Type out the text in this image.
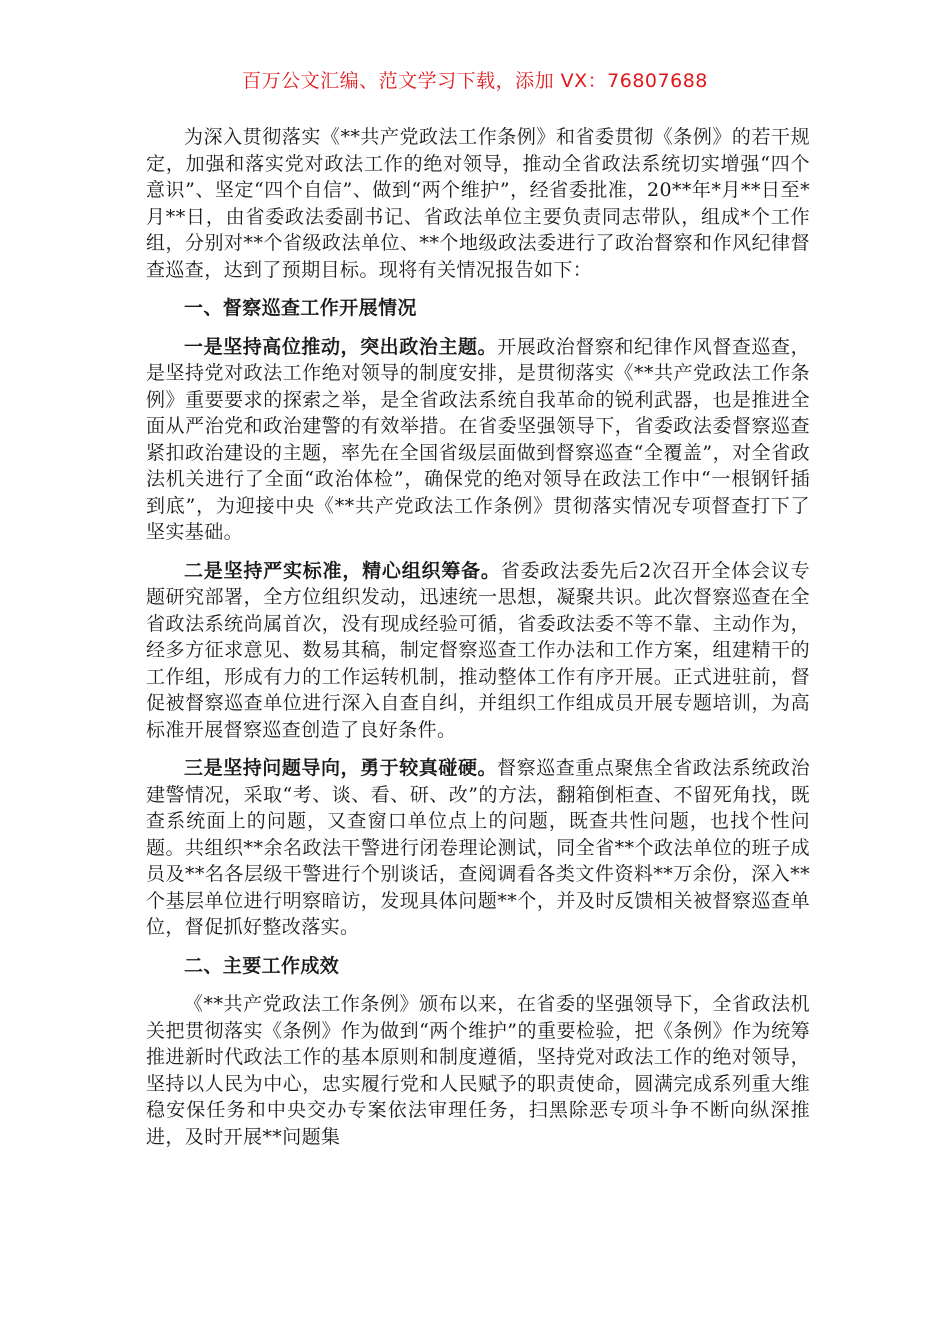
百万公文汇编、范文学习下载，添加 VX：76807688

为深入贯彻落实《**共产党政法工作条例》和省委贯彻《条例》的若干规定，加强和落实党对政法工作的绝对领导，推动全省政法系统切实增强“四个意识”、坚定“四个自信”、做到“两个维护”，经省委批准，20**年*月**日至*月**日，由省委政法委副书记、省政法单位主要负责同志带队，组成*个工作组，分别对**个省级政法单位、**个地级政法委进行了政治督察和作风纪律督查巡查，达到了预期目标。现将有关情况报告如下：

一、督察巡查工作开展情况

一是坚持高位推动，突出政治主题。开展政治督察和纪律作风督查巡查，是坚持党对政法工作绝对领导的制度安排，是贯彻落实《**共产党政法工作条例》重要要求的探索之举，是全省政法系统自我革命的锐利武器，也是推进全面从严治党和政治建警的有效举措。在省委坚强领导下，省委政法委督察巡查紧扣政治建设的主题，率先在全国省级层面做到督察巡查“全覆盖”，对全省政法机关进行了全面“政治体检”，确保党的绝对领导在政法工作中“一根钢钎插到底”，为迎接中央《**共产党政法工作条例》贯彻落实情况专项督查打下了坚实基础。

二是坚持严实标准，精心组织筹备。省委政法委先后2次召开全体会议专题研究部署，全方位组织发动，迅速统一思想，凝聚共识。此次督察巡查在全省政法系统尚属首次，没有现成经验可循，省委政法委不等不靠、主动作为，经多方征求意见、数易其稿，制定督察巡查工作办法和工作方案，组建精干的工作组，形成有力的工作运转机制，推动整体工作有序开展。正式进驻前，督促被督察巡查单位进行深入自查自纠，并组织工作组成员开展专题培训，为高标准开展督察巡查创造了良好条件。

三是坚持问题导向，勇于较真碰硬。督察巡查重点聚焦全省政法系统政治建警情况，采取“考、谈、看、研、改”的方法，翻箱倒柜查、不留死角找，既查系统面上的问题，又查窗口单位点上的问题，既查共性问题，也找个性问题。共组织**余名政法干警进行闭卷理论测试，同全省**个政法单位的班子成员及**名各层级干警进行个别谈话，查阅调看各类文件资料**万余份，深入**个基层单位进行明察暗访，发现具体问题**个，并及时反馈相关被督察巡查单位，督促抓好整改落实。

二、主要工作成效

《**共产党政法工作条例》颁布以来，在省委的坚强领导下，全省政法机关把贯彻落实《条例》作为做到“两个维护”的重要检验，把《条例》作为统筹推进新时代政法工作的基本原则和制度遵循，坚持党对政法工作的绝对领导，坚持以人民为中心，忠实履行党和人民赋予的职责使命，圆满完成系列重大维稳安保任务和中央交办专案依法审理任务，扫黑除恶专项斗争不断向纵深推进，及时开展**问题集
